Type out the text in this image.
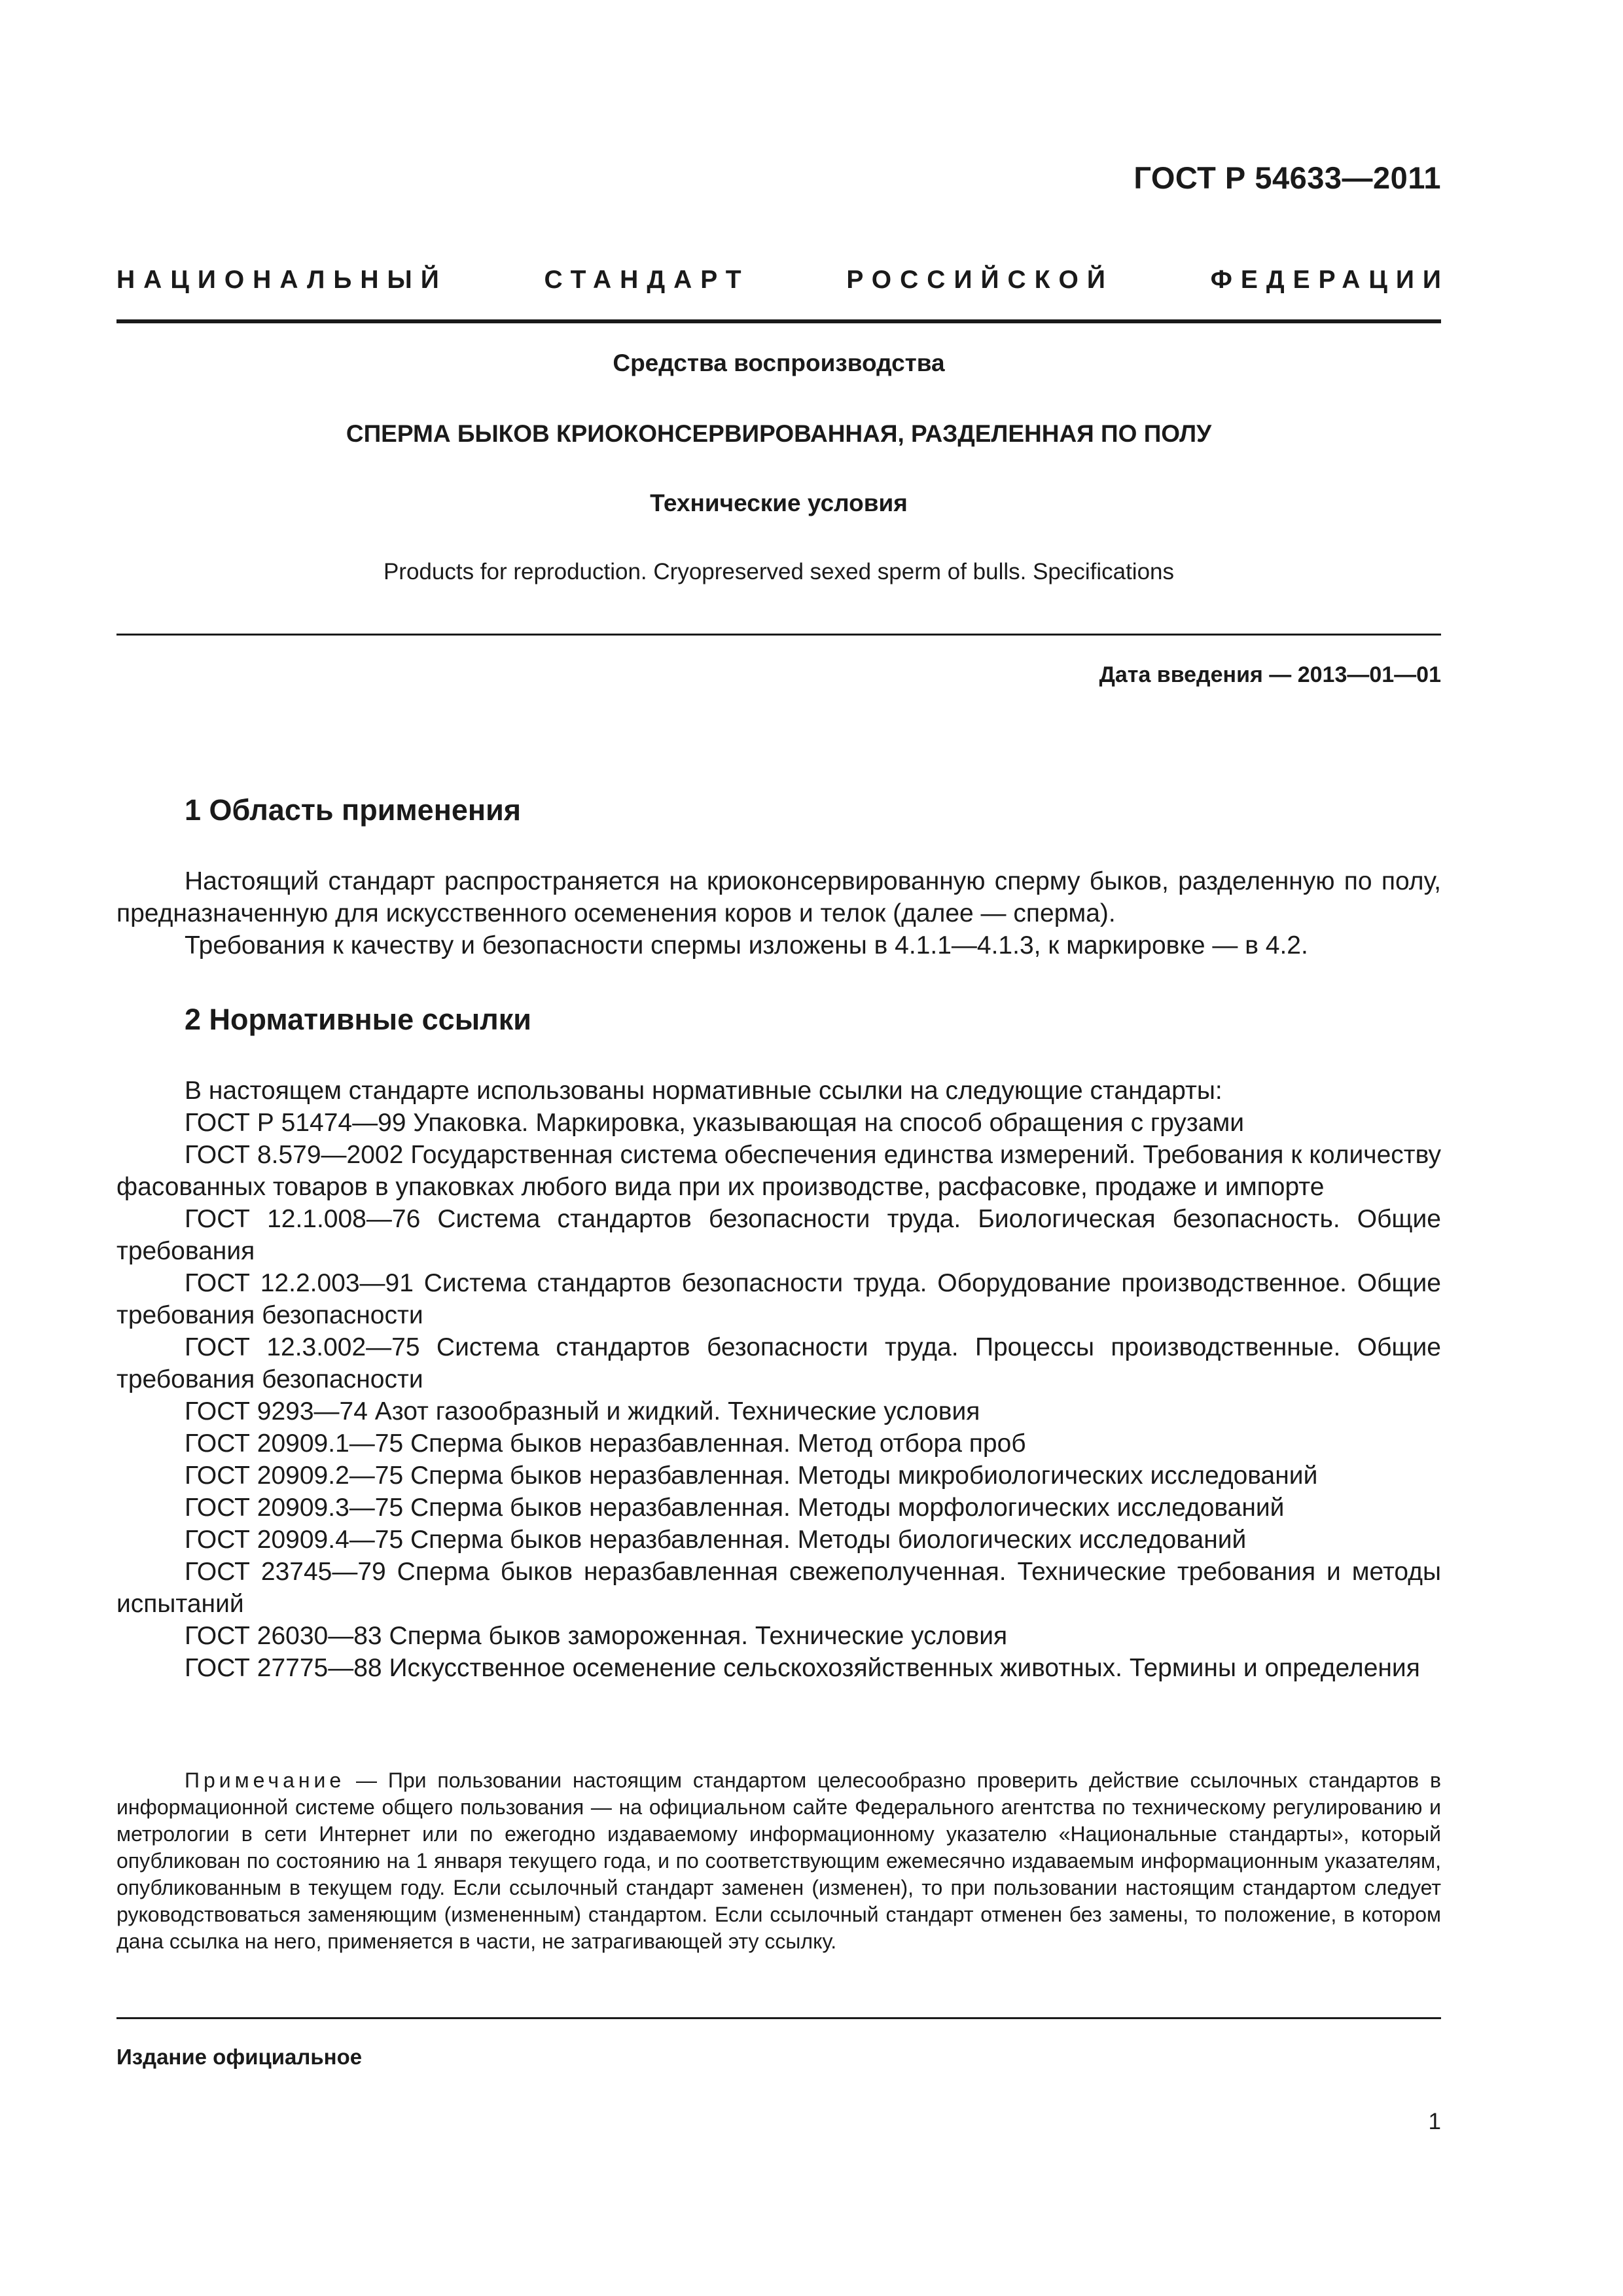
ГОСТ Р 54633—2011
НАЦИОНАЛЬНЫЙ	СТАНДАРТ	РОССИЙСКОЙ	ФЕДЕРАЦИИ
Средства воспроизводства
СПЕРМА БЫКОВ КРИОКОНСЕРВИРОВАННАЯ, РАЗДЕЛЕННАЯ ПО ПОЛУ
Технические условия
Products for reproduction. Cryopreserved sexed sperm of bulls. Specifications
Дата введения — 2013—01—01
1 Область применения

Настоящий стандарт распространяется на криоконсервированную сперму быков, разделенную по полу, предназначенную для искусственного осеменения коров и телок (далее — сперма).

Требования к качеству и безопасности спермы изложены в 4.1.1—4.1.3, к маркировке — в 4.2.

2 Нормативные ссылки

В настоящем стандарте использованы нормативные ссылки на следующие стандарты:

ГОСТ Р 51474—99 Упаковка. Маркировка, указывающая на способ обращения с грузами

ГОСТ 8.579—2002 Государственная система обеспечения единства измерений. Требования к количеству фасованных товаров в упаковках любого вида при их производстве, расфасовке, продаже и импорте

ГОСТ 12.1.008—76 Система стандартов безопасности труда. Биологическая безопасность. Общие требования

ГОСТ 12.2.003—91 Система стандартов безопасности труда. Оборудование производственное. Общие требования безопасности

ГОСТ 12.3.002—75 Система стандартов безопасности труда. Процессы производственные. Общие требования безопасности

ГОСТ 9293—74 Азот газообразный и жидкий. Технические условия

ГОСТ 20909.1—75 Сперма быков неразбавленная. Метод отбора проб

ГОСТ 20909.2—75 Сперма быков неразбавленная. Методы микробиологических исследований

ГОСТ 20909.3—75 Сперма быков неразбавленная. Методы морфологических исследований

ГОСТ 20909.4—75 Сперма быков неразбавленная. Методы биологических исследований

ГОСТ 23745—79 Сперма быков неразбавленная свежеполученная. Технические требования и методы испытаний

ГОСТ 26030—83 Сперма быков замороженная. Технические условия

ГОСТ 27775—88 Искусственное осеменение сельскохозяйственных животных. Термины и определения

Примечание — При пользовании настоящим стандартом целесообразно проверить действие ссылочных стандартов в информационной системе общего пользования — на официальном сайте Федерального агентства по техническому регулированию и метрологии в сети Интернет или по ежегодно издаваемому информационному указателю «Национальные стандарты», который опубликован по состоянию на 1 января текущего года, и по соответствующим ежемесячно издаваемым информационным указателям, опубликованным в текущем году. Если ссылочный стандарт заменен (изменен), то при пользовании настоящим стандартом следует руководствоваться заменяющим (измененным) стандартом. Если ссылочный стандарт отменен без замены, то положение, в котором дана ссылка на него, применяется в части, не затрагивающей эту ссылку.
Издание официальное
1
